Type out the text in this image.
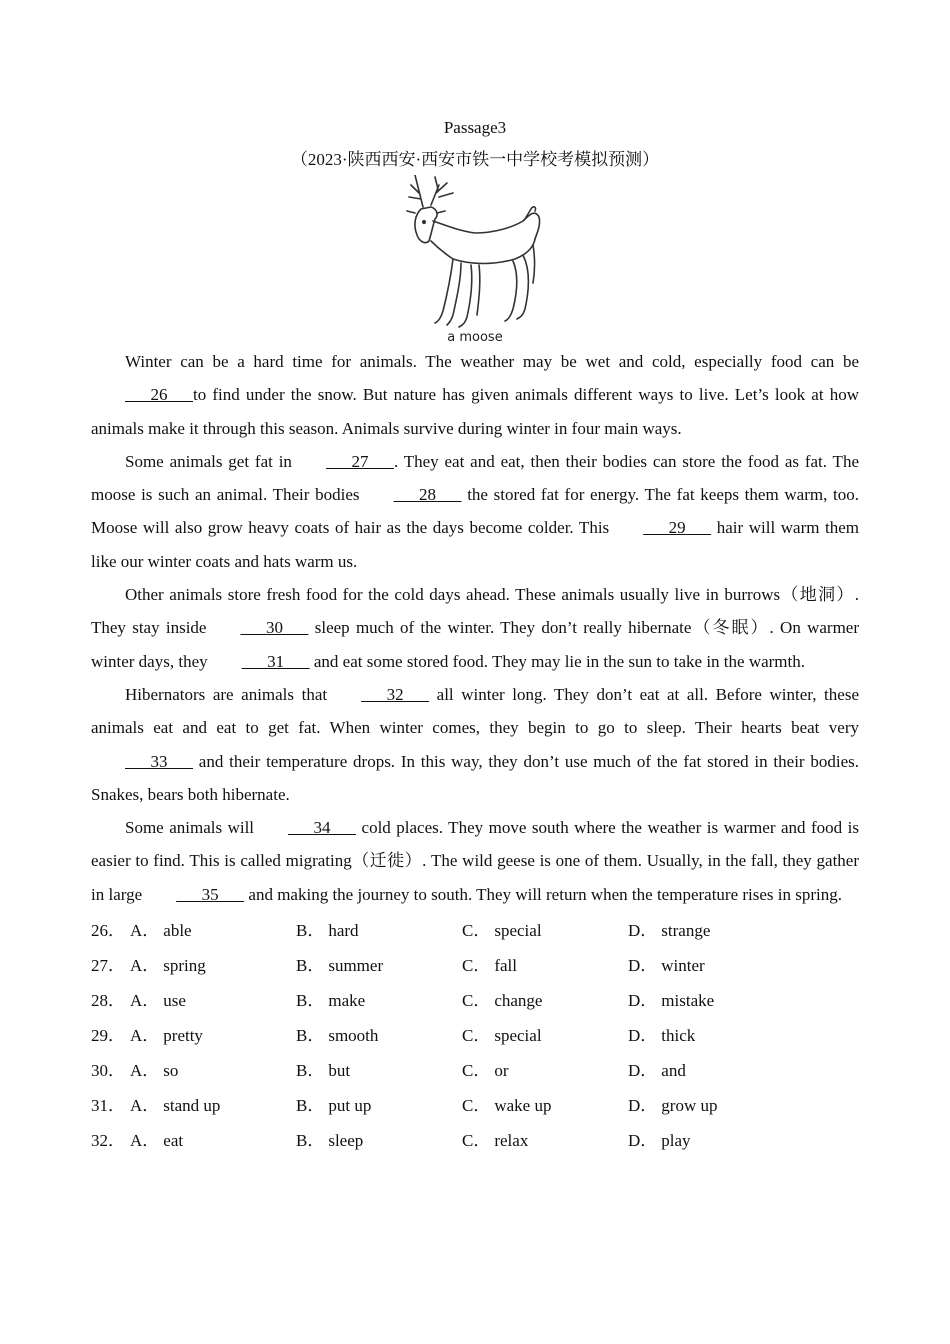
Passage3

（2023·陕西西安·西安市铁一中学校考模拟预测）

a moose

Winter can be a hard time for animals. The weather may be wet and cold, especially food can be      26 to find under the snow. But nature has given animals different ways to live. Let’s look at how animals make it through this season. Animals survive during winter in four main ways.

Some animals get fat in	27 . They eat and eat, then their bodies can store the food as fat. The moose is such an animal. Their bodies	28       the stored fat for energy. The fat keeps them warm, too. Moose will also grow heavy coats of hair as the days become colder. This	29       hair will warm them like our winter coats and hats warm us.

Other animals store fresh food for the cold days ahead. These animals usually live in burrows（地洞）. They stay inside	30       sleep much of the winter. They don’t really hibernate（冬眠）. On warmer winter days, they	31       and eat some stored food. They may lie in the sun to take in the warmth.

Hibernators are animals that	32       all winter long. They don’t eat at all. Before winter, these animals eat and eat to get fat. When winter comes, they begin to go to sleep. Their hearts beat very      33       and their temperature drops. In this way, they don’t use much of the fat stored in their bodies. Snakes, bears both hibernate.

Some animals will	34       cold places. They move south where the weather is warmer and food is easier to find. This is called migrating（迁徙）. The wild geese is one of them. Usually, in the fall, they gather in large	35       and making the journey to south. They will return when the temperature rises in spring.

26． A． able	B． hard	C． special	D． strange
27． A． spring	B． summer	C． fall	D． winter
28． A． use	B． make	C． change	D． mistake
29． A． pretty	B． smooth	C． special	D． thick
30． A． so	B． but	C． or	D． and
31． A． stand up	B． put up	C． wake up	D． grow up
32． A． eat	B． sleep	C． relax	D． play
